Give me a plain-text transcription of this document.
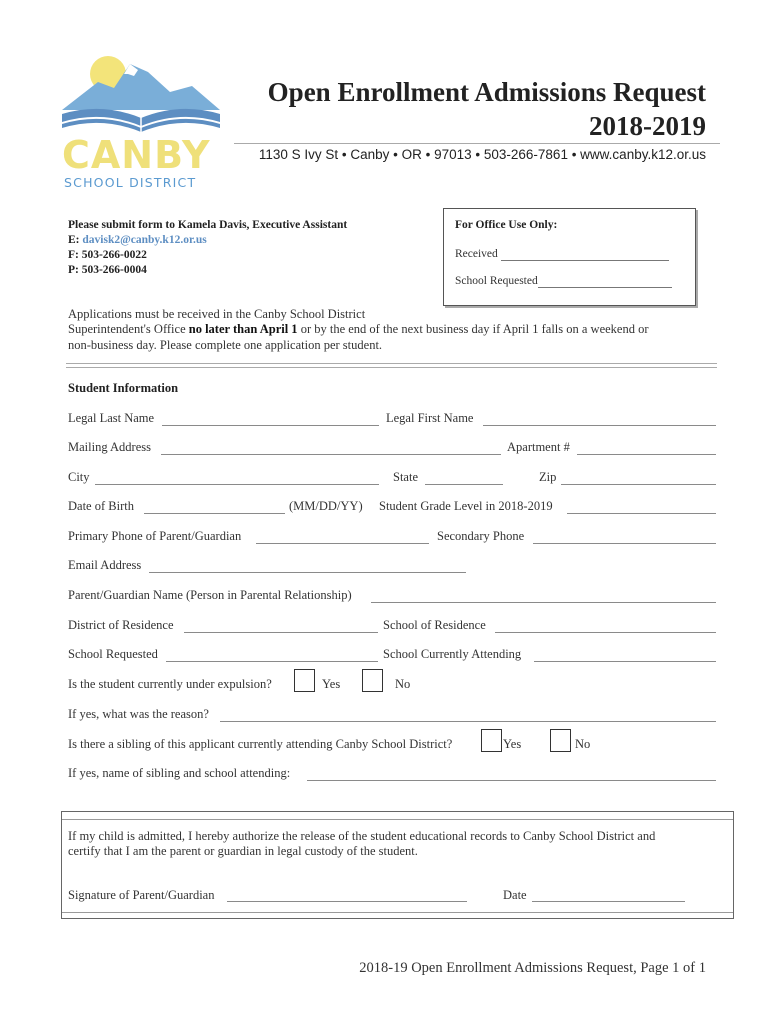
CANBY
SCHOOL DISTRICT
Open Enrollment Admissions Request
2018-2019
1130 S Ivy St • Canby • OR • 97013 • 503-266-7861 • www.canby.k12.or.us
Please submit form to Kamela Davis, Executive Assistant
E: davisk2@canby.k12.or.us
F: 503-266-0022
P: 503-266-0004
For Office Use Only:
Received
School Requested
Applications must be received in the Canby School District
Superintendent's Office no later than April 1 or by the end of the next business day if April 1 falls on a weekend or
non-business day. Please complete one application per student.
Student Information
Legal Last Name	Legal First Name
Mailing Address	Apartment #
City	State	Zip
Date of Birth	(MM/DD/YY) Student Grade Level in 2018-2019
Primary Phone of Parent/Guardian	Secondary Phone
Email Address
Parent/Guardian Name (Person in Parental Relationship)
District of Residence	School of Residence
School Requested	School Currently Attending
Is the student currently under expulsion?	Yes	No
If yes, what was the reason?
Is there a sibling of this applicant currently attending Canby School District?	Yes	No
If yes, name of sibling and school attending:
If my child is admitted, I hereby authorize the release of the student educational records to Canby School District and
certify that I am the parent or guardian in legal custody of the student.
Signature of Parent/Guardian	Date
2018-19 Open Enrollment Admissions Request, Page 1 of 1
